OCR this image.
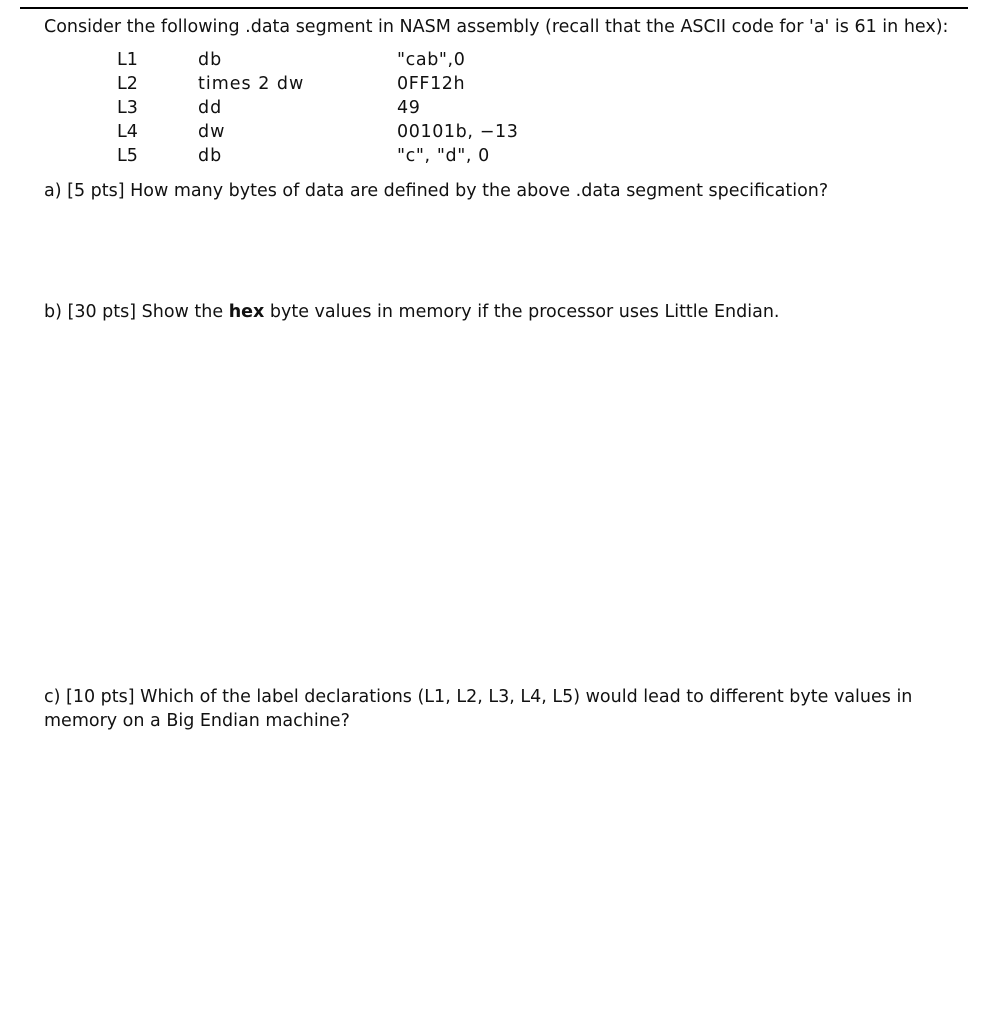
Consider the following .data segment in NASM assembly (recall that the ASCII code for 'a' is 61 in hex):
L1	db	"cab",0
L2	times 2 dw	0FF12h
L3	dd	49
L4	dw	00101b, −13
L5	db	"c", "d", 0
a) [5 pts] How many bytes of data are defined by the above .data segment specification?
b) [30 pts] Show the hex byte values in memory if the processor uses Little Endian.
c) [10 pts] Which of the label declarations (L1, L2, L3, L4, L5) would lead to different byte values in memory on a Big Endian machine?
